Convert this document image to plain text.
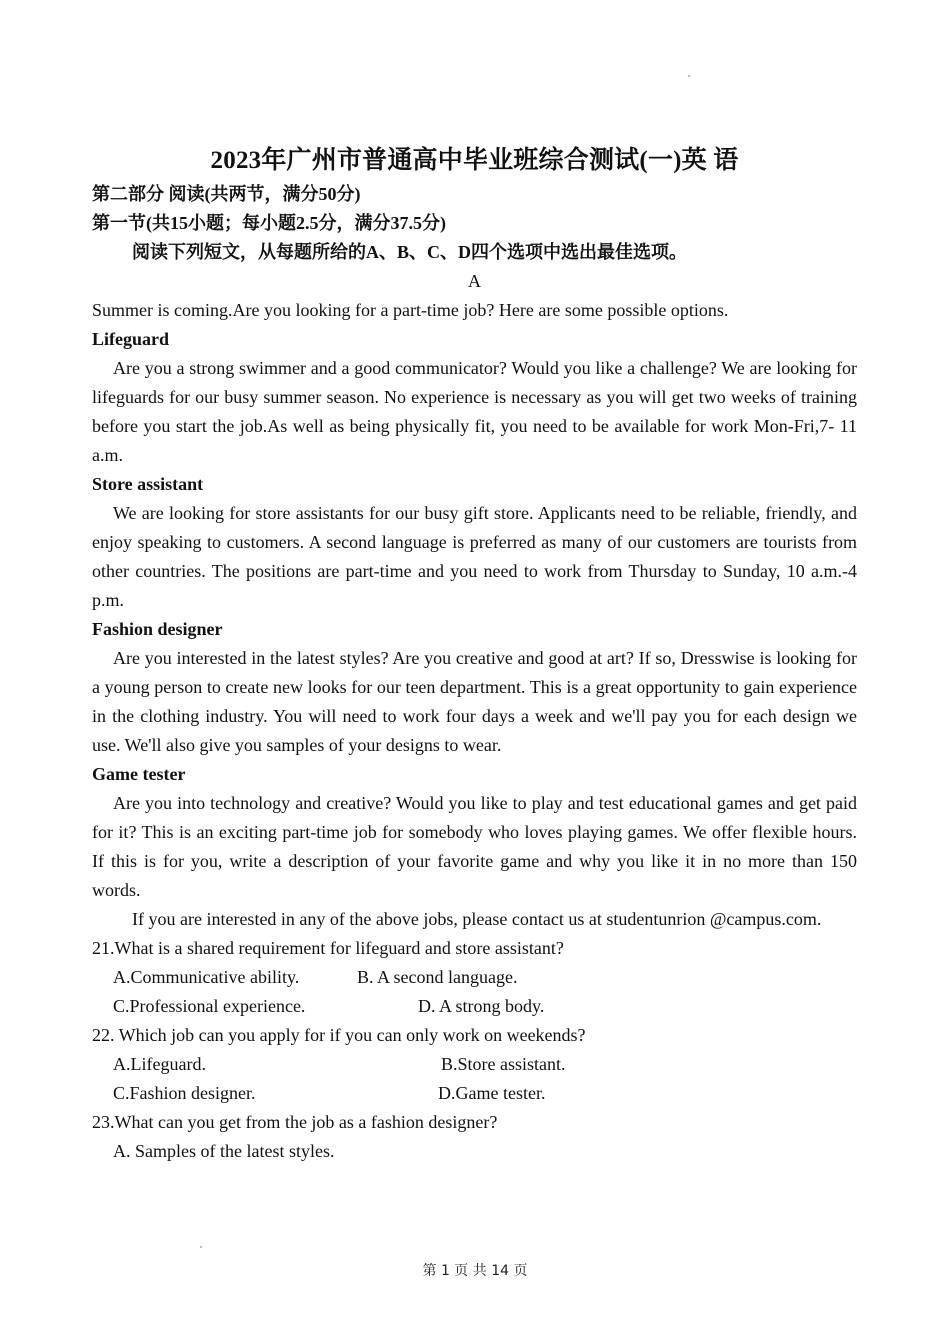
2023年广州市普通高中毕业班综合测试(一)英 语
第二部分 阅读(共两节，满分50分)
第一节(共15小题；每小题2.5分，满分37.5分)
阅读下列短文，从每题所给的A、B、C、D四个选项中选出最佳选项。
A
Summer is coming.Are you looking for a part-time job? Here are some possible options.
Lifeguard

Are you a strong swimmer and a good communicator? Would you like a challenge? We are looking for lifeguards for our busy summer season. No experience is necessary as you will get two weeks of training before you start the job.As well as being physically fit, you need to be available for work Mon-Fri,7- 11 a.m.

Store assistant

We are looking for store assistants for our busy gift store. Applicants need to be reliable, friendly, and enjoy speaking to customers. A second language is preferred as many of our customers are tourists from other countries. The positions are part-time and you need to work from Thursday to Sunday, 10 a.m.-4 p.m.

Fashion designer

Are you interested in the latest styles? Are you creative and good at art? If so, Dresswise is looking for a young person to create new looks for our teen department. This is a great opportunity to gain experience in the clothing industry. You will need to work four days a week and we'll pay you for each design we use. We'll also give you samples of your designs to wear.

Game tester

Are you into technology and creative? Would you like to play and test educational games and get paid for it? This is an exciting part-time job for somebody who loves playing games. We offer flexible hours. If this is for you, write a description of your favorite game and why you like it in no more than 150 words.

If you are interested in any of the above jobs, please contact us at studentunrion @campus.com.

21.What is a shared requirement for lifeguard and store assistant?
A.Communicative ability.	B. A second language.
C.Professional experience.	D. A strong body.
22. Which job can you apply for if you can only work on weekends?
A.Lifeguard.	B.Store assistant.
C.Fashion designer.	D.Game tester.
23.What can you get from the job as a fashion designer?
A. Samples of the latest styles.
第 1 页 共 14 页
